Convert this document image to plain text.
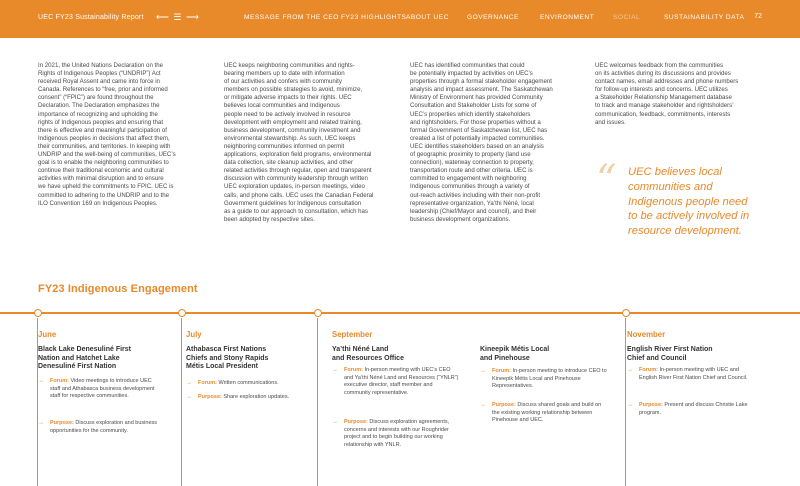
UEC FY23 Sustainability Report ⟵ ☰ ⟶	MESSAGE FROM THE CEO FY23 HIGHLIGHTS ABOUT UEC	GOVERNANCE	ENVIRONMENT	SOCIAL	SUSTAINABILITY DATA 72

In 2021, the United Nations Declaration on the
Rights of Indigenous Peoples (“UNDRIP”) Act
received Royal Assent and came into force in
Canada. References to “free, prior and informed
consent” (“FPIC”) are found throughout the
Declaration. The Declaration emphasizes the
importance of recognizing and upholding the
rights of Indigenous peoples and ensuring that
there is effective and meaningful participation of
Indigenous peoples in decisions that affect them,
their communities, and territories. In keeping with
UNDRIP and the well-being of communities, UEC’s
goal is to enable the neighboring communities to
continue their traditional economic and cultural
activities with minimal disruption and to ensure
we have upheld the commitments to FPIC. UEC is
committed to adhering to the UNDRIP and to the
ILO Convention 169 on Indigenous Peoples.

UEC keeps neighboring communities and rights-
bearing members up to date with information
of our activities and confers with community
members on possible strategies to avoid, minimize,
or mitigate adverse impacts to their rights. UEC
believes local communities and Indigenous
people need to be actively involved in resource
development with employment and related training,
business development, community investment and
environmental stewardship. As such, UEC keeps
neighboring communities informed on permit
applications, exploration field programs, environmental
data collection, site cleanup activities, and other
related activities through regular, open and transparent
discussion with community leadership through written
UEC exploration updates, in-person meetings, video
calls, and phone calls. UEC uses the Canadian Federal
Government guidelines for Indigenous consultation
as a guide to our approach to consultation, which has
been adopted by respective sites.

UEC has identified communities that could
be potentially impacted by activities on UEC’s
properties through a formal stakeholder engagement
analysis and impact assessment. The Saskatchewan
Ministry of Environment has provided Community
Consultation and Stakeholder Lists for some of
UEC’s properties which identify stakeholders
and rightsholders. For those properties without a
formal Government of Saskatchewan list, UEC has
created a list of potentially impacted communities.
UEC identifies stakeholders based on an analysis
of geographic proximity to property (land use
connection), waterway connection to property,
transportation route and other criteria. UEC is
committed to engagement with neighboring
Indigenous communities through a variety of
out-reach activities including with their non-profit
representative organization, Ya’thi Néné, local
leadership (Chief/Mayor and council), and their
business development organizations.

UEC welcomes feedback from the communities
on its activities during its discussions and provides
contact names, email addresses and phone numbers
for follow-up interests and concerns. UEC utilizes
a Stakeholder Relationship Management database
to track and manage stakeholder and rightsholders’
communication, feedback, commitments, interests
and issues.

“ UEC believes local
communities and
Indigenous people need
to be actively involved in
resource development.
FY23 Indigenous Engagement
June
Black Lake Denesuliné First
Nation and Hatchet Lake
Denesuliné First Nation
→	Forum: Video meetings to introduce UEC staff and Athabasca business development staff for respective communities.
→	Purpose: Discuss exploration and business opportunities for the community.
July
Athabasca First Nations
Chiefs and Stony Rapids
Métis Local President
→	Forum: Written communications.
→	Purpose: Share exploration updates.
September
Ya’thi Néné Land
and Resources Office
→	Forum: In-person meeting with UEC’s CEO and Ya’thi Néné Land and Resources (“YNLR”) executive director, staff member and community representative.
→	Purpose: Discuss exploration agreements, concerns and interests with our Roughrider project and to begin building our working relationship with YNLR.
Kineepik Métis Local
and Pinehouse
→	Forum: In-person meeting to introduce CEO to Kineepik Métis Local and Pinehouse Representatives.
→	Purpose: Discuss shared goals and build on the existing working relationship between Pinehouse and UEC.
November
English River First Nation
Chief and Council
→	Forum: In-person meeting with UEC and English River First Nation Chief and Council.
→	Purpose: Present and discuss Christie Lake program.
